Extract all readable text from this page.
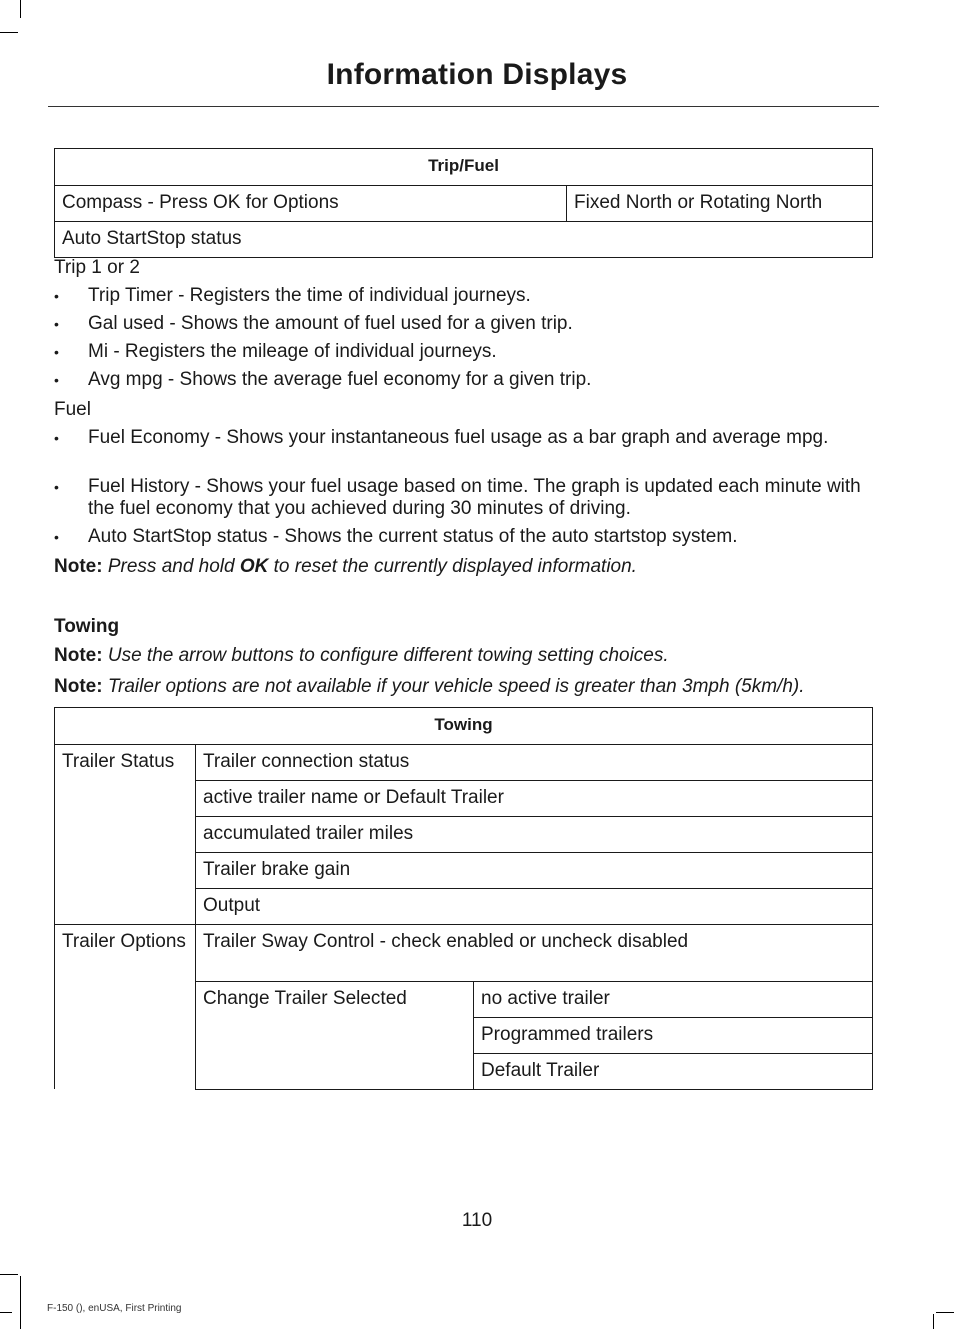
Information Displays
Trip/Fuel
Compass - Press OK for Options	Fixed North or Rotating North
Auto StartStop status
Trip 1 or 2
• Trip Timer - Registers the time of individual journeys.
• Gal used - Shows the amount of fuel used for a given trip.
• Mi - Registers the mileage of individual journeys.
• Avg mpg - Shows the average fuel economy for a given trip.
Fuel
• Fuel Economy - Shows your instantaneous fuel usage as a bar graph and average mpg.
• Fuel History - Shows your fuel usage based on time. The graph is updated each minute with the fuel economy that you achieved during 30 minutes of driving.
• Auto StartStop status - Shows the current status of the auto startstop system.
Note: Press and hold OK to reset the currently displayed information.
Towing
Note: Use the arrow buttons to configure different towing setting choices.
Note: Trailer options are not available if your vehicle speed is greater than 3mph (5km/h).
Towing		
Trailer Status	Trailer connection status	
	active trailer name or Default Trailer	
	accumulated trailer miles	
	Trailer brake gain	
	Output	
Trailer Options	Trailer Sway Control - check enabled or uncheck disabled	
	Change Trailer Selected	no active trailer
		Programmed trailers
		Default Trailer
110
F-150 (), enUSA, First Printing
